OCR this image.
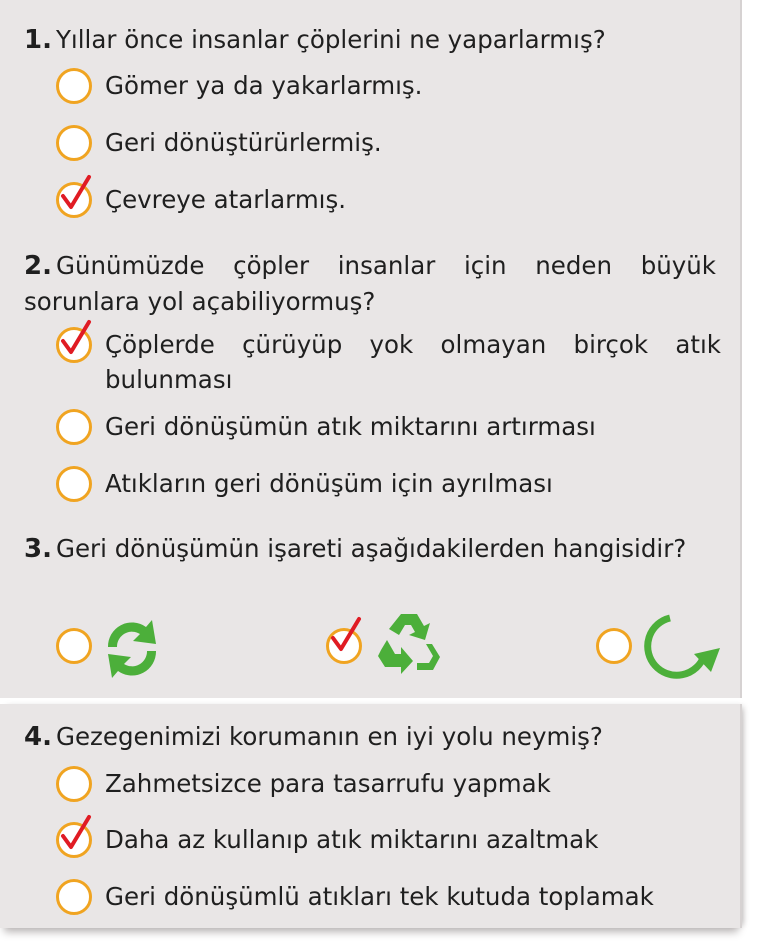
1. Yıllar önce insanlar çöplerini ne yaparlarmış?
Gömer ya da yakarlarmış.
Geri dönüştürürlermiş.
Çevreye atarlarmış.
2. Günümüzde çöpler insanlar için neden büyük sorunlara yol açabiliyormuş?
Çöplerde çürüyüp yok olmayan birçok atık bulunması
Geri dönüşümün atık miktarını artırması
Atıkların geri dönüşüm için ayrılması
3. Geri dönüşümün işareti aşağıdakilerden hangisidir?
4. Gezegenimizi korumanın en iyi yolu neymiş?
Zahmetsizce para tasarrufu yapmak
Daha az kullanıp atık miktarını azaltmak
Geri dönüşümlü atıkları tek kutuda toplamak
